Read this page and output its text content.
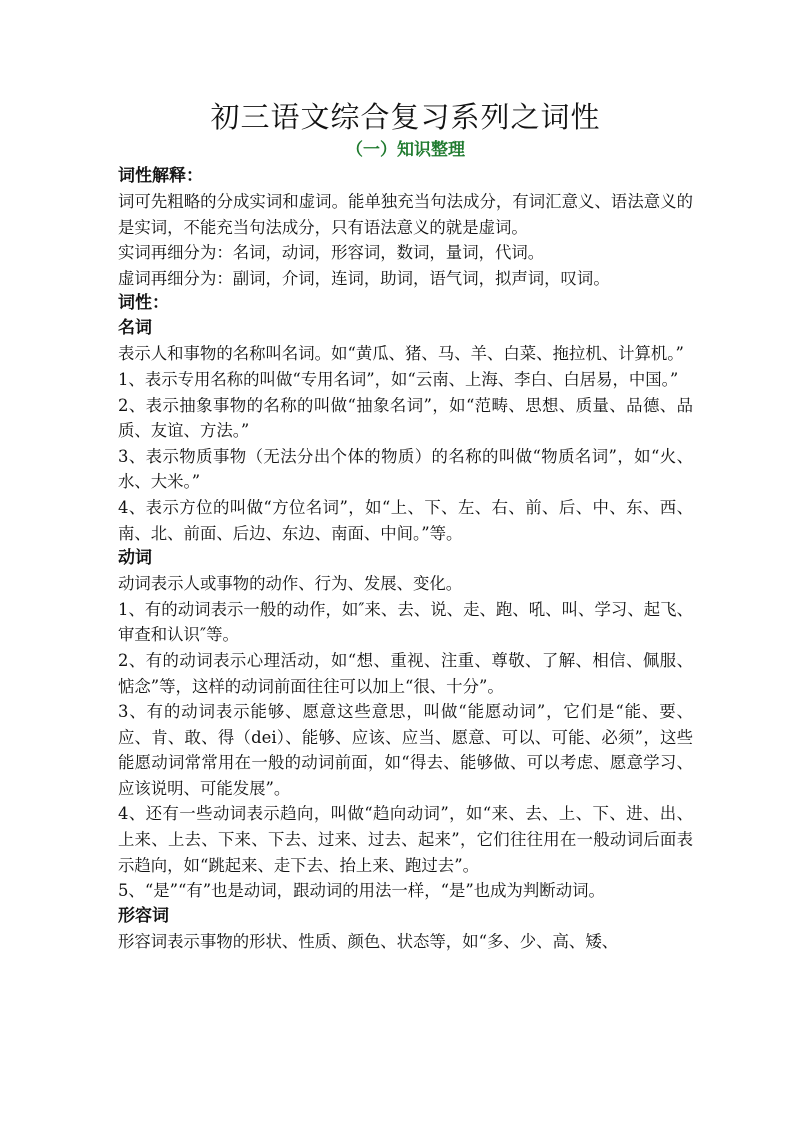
初三语文综合复习系列之词性
（一）知识整理
词性解释：

词可先粗略的分成实词和虚词。能单独充当句法成分，有词汇意义、语法意义的是实词，不能充当句法成分，只有语法意义的就是虚词。

实词再细分为：名词，动词，形容词，数词，量词，代词。

虚词再细分为：副词，介词，连词，助词，语气词，拟声词，叹词。

词性：
名词

表示人和事物的名称叫名词。如“黄瓜、猪、马、羊、白菜、拖拉机、计算机。”

1、表示专用名称的叫做“专用名词”，如“云南、上海、李白、白居易，中国。”

2、表示抽象事物的名称的叫做“抽象名词”，如“范畴、思想、质量、品德、品质、友谊、方法。”

3、表示物质事物（无法分出个体的物质）的名称的叫做“物质名词”，如“火、水、大米。”

4、表示方位的叫做“方位名词”，如“上、下、左、右、前、后、中、东、西、南、北、前面、后边、东边、南面、中间。”等。

动词

动词表示人或事物的动作、行为、发展、变化。

1、有的动词表示一般的动作，如″来、去、说、走、跑、吼、叫、学习、起飞、审查和认识″等。

2、有的动词表示心理活动，如“想、重视、注重、尊敬、了解、相信、佩服、惦念”等，这样的动词前面往往可以加上“很、十分”。

3、有的动词表示能够、愿意这些意思，叫做“能愿动词”，它们是“能、要、应、肯、敢、得（dei）、能够、应该、应当、愿意、可以、可能、必须”，这些能愿动词常常用在一般的动词前面，如“得去、能够做、可以考虑、愿意学习、应该说明、可能发展”。

4、还有一些动词表示趋向，叫做“趋向动词”，如“来、去、上、下、进、出、上来、上去、下来、下去、过来、过去、起来”，它们往往用在一般动词后面表示趋向，如“跳起来、走下去、抬上来、跑过去”。

5、“是”“有”也是动词，跟动词的用法一样，“是”也成为判断动词。

形容词

形容词表示事物的形状、性质、颜色、状态等，如“多、少、高、矮、
